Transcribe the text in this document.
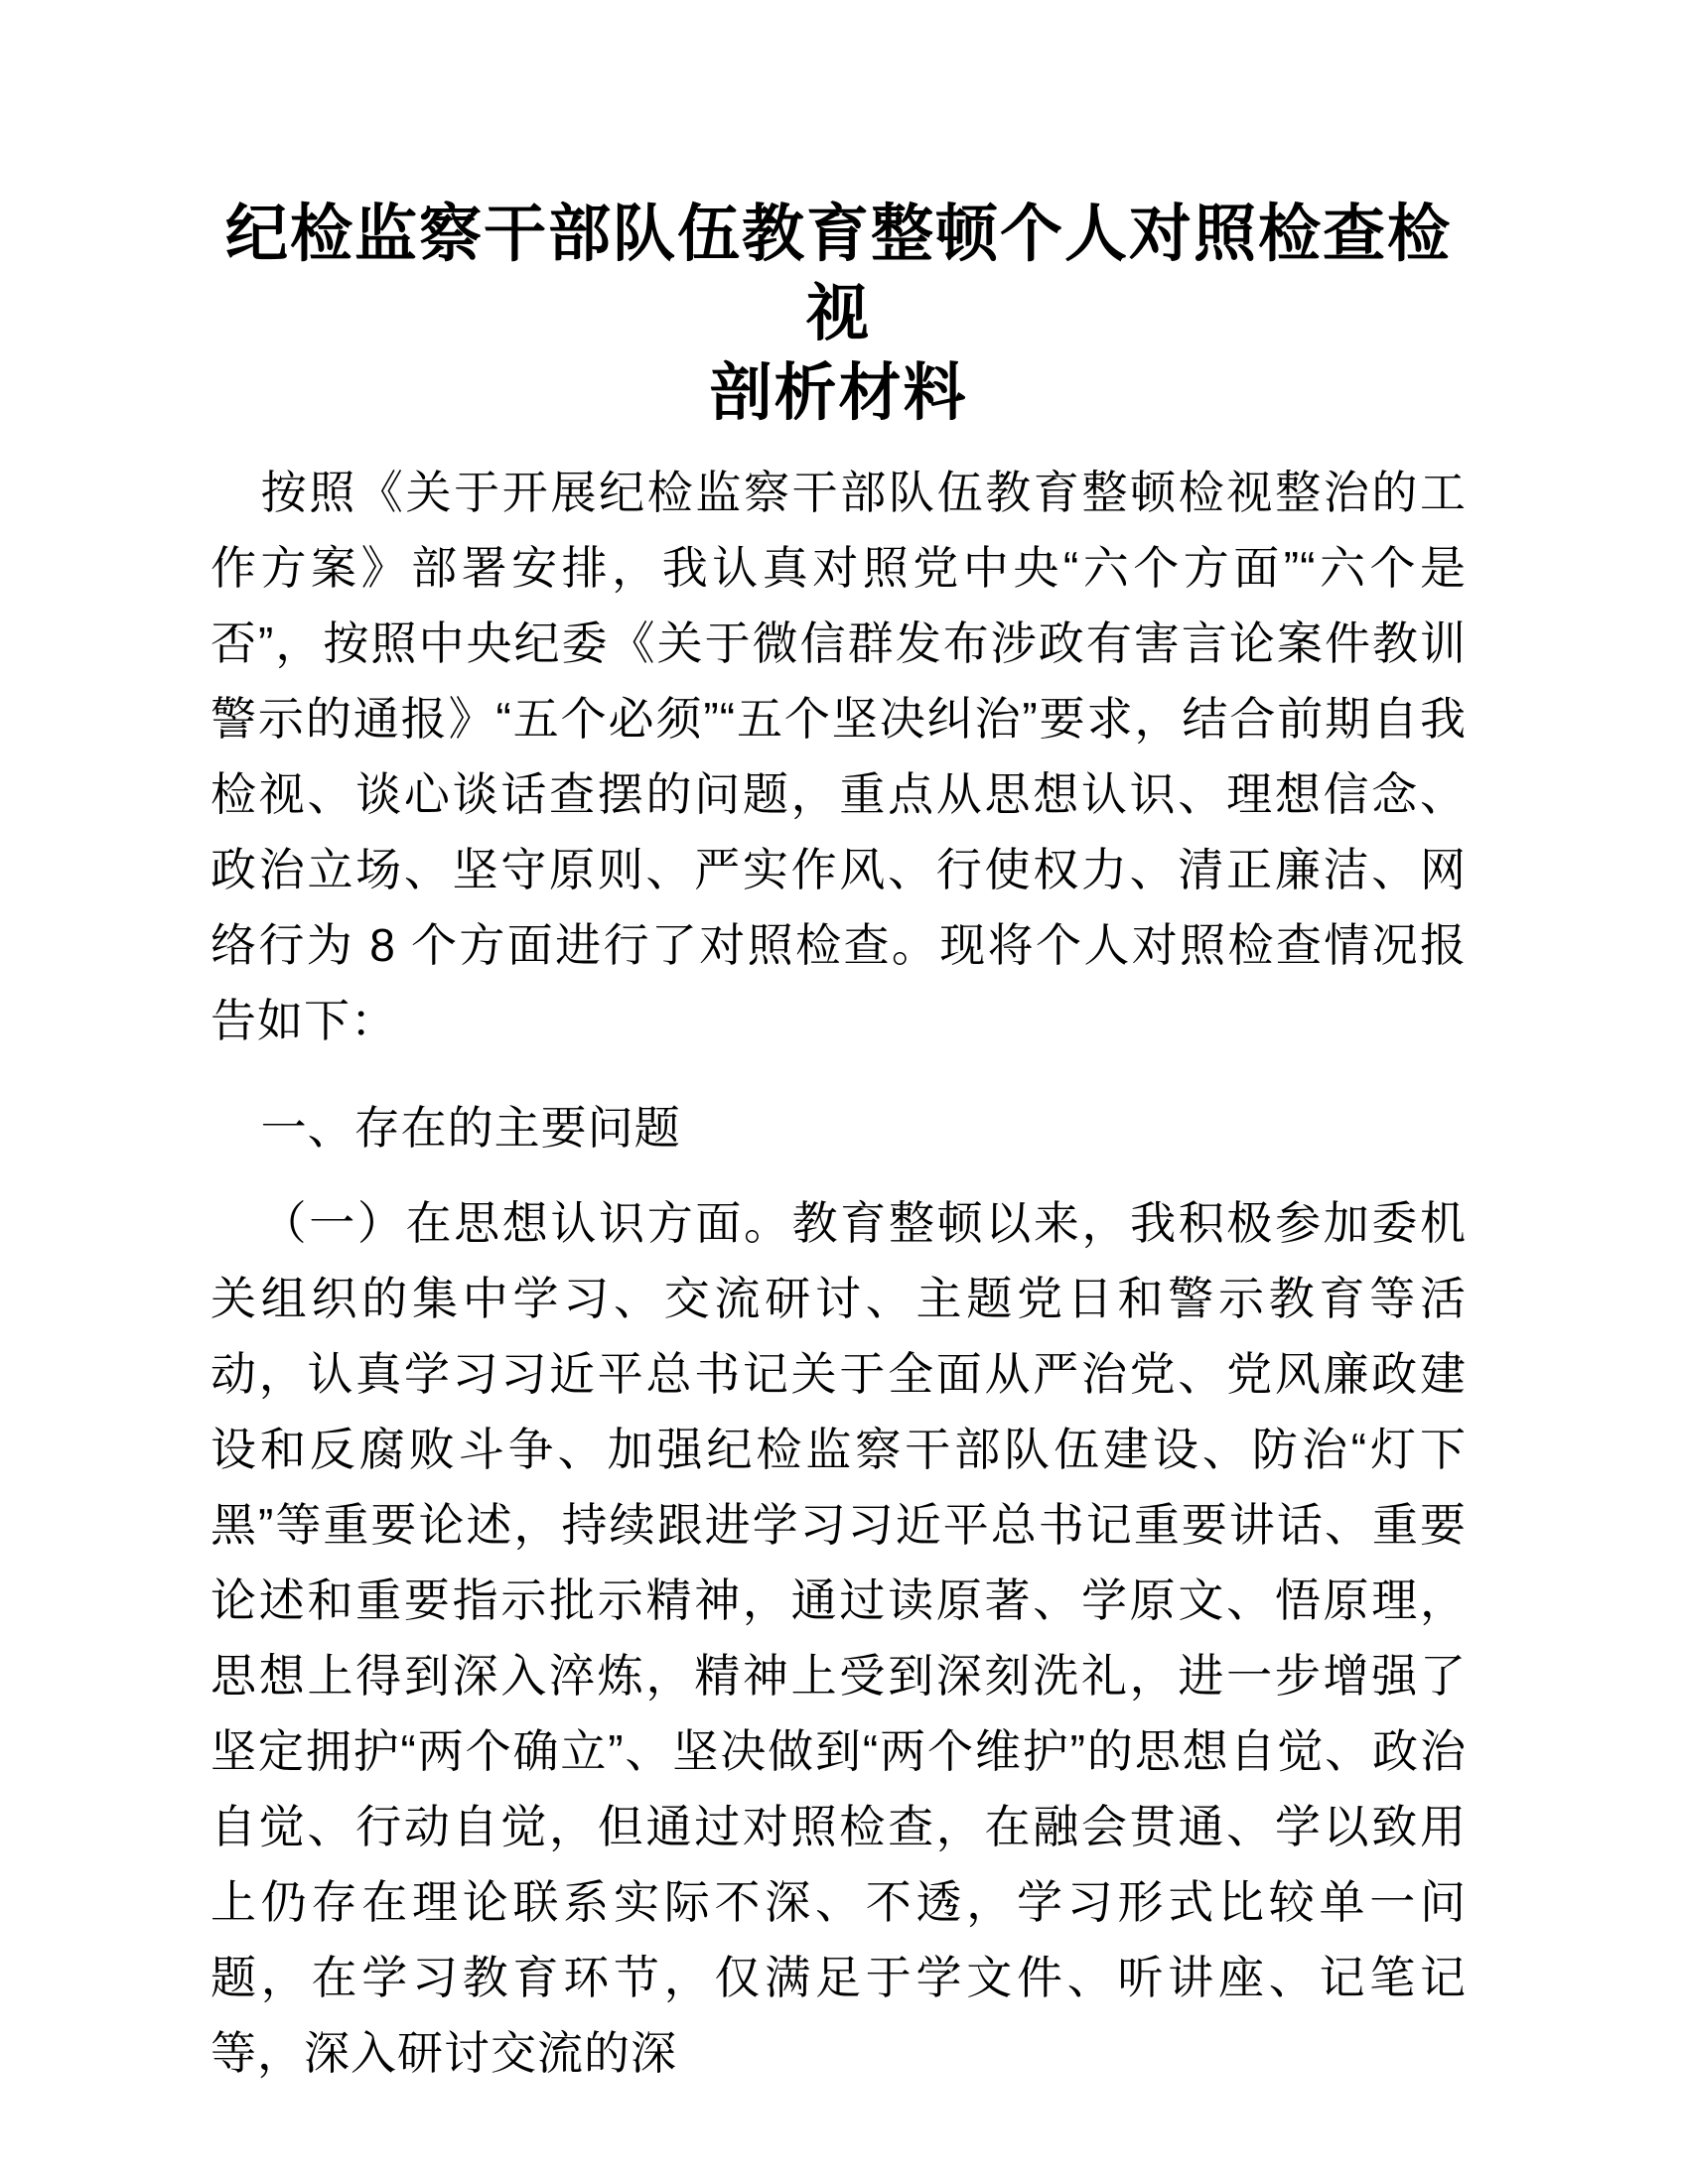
纪检监察干部队伍教育整顿个人对照检查检视
剖析材料

按照《关于开展纪检监察干部队伍教育整顿检视整治的工作方案》部署安排，我认真对照党中央“六个方面”“六个是否”，按照中央纪委《关于微信群发布涉政有害言论案件教训警示的通报》“五个必须”“五个坚决纠治”要求，结合前期自我检视、谈心谈话查摆的问题，重点从思想认识、理想信念、政治立场、坚守原则、严实作风、行使权力、清正廉洁、网络行为 8 个方面进行了对照检查。现将个人对照检查情况报告如下：

一、存在的主要问题

（一）在思想认识方面。教育整顿以来，我积极参加委机关组织的集中学习、交流研讨、主题党日和警示教育等活动，认真学习习近平总书记关于全面从严治党、党风廉政建设和反腐败斗争、加强纪检监察干部队伍建设、防治“灯下黑”等重要论述，持续跟进学习习近平总书记重要讲话、重要论述和重要指示批示精神，通过读原著、学原文、悟原理，思想上得到深入淬炼，精神上受到深刻洗礼，进一步增强了坚定拥护“两个确立”、坚决做到“两个维护”的思想自觉、政治自觉、行动自觉，但通过对照检查，在融会贯通、学以致用上仍存在理论联系实际不深、不透，学习形式比较单一问题，在学习教育环节，仅满足于学文件、听讲座、记笔记等，深入研讨交流的深
